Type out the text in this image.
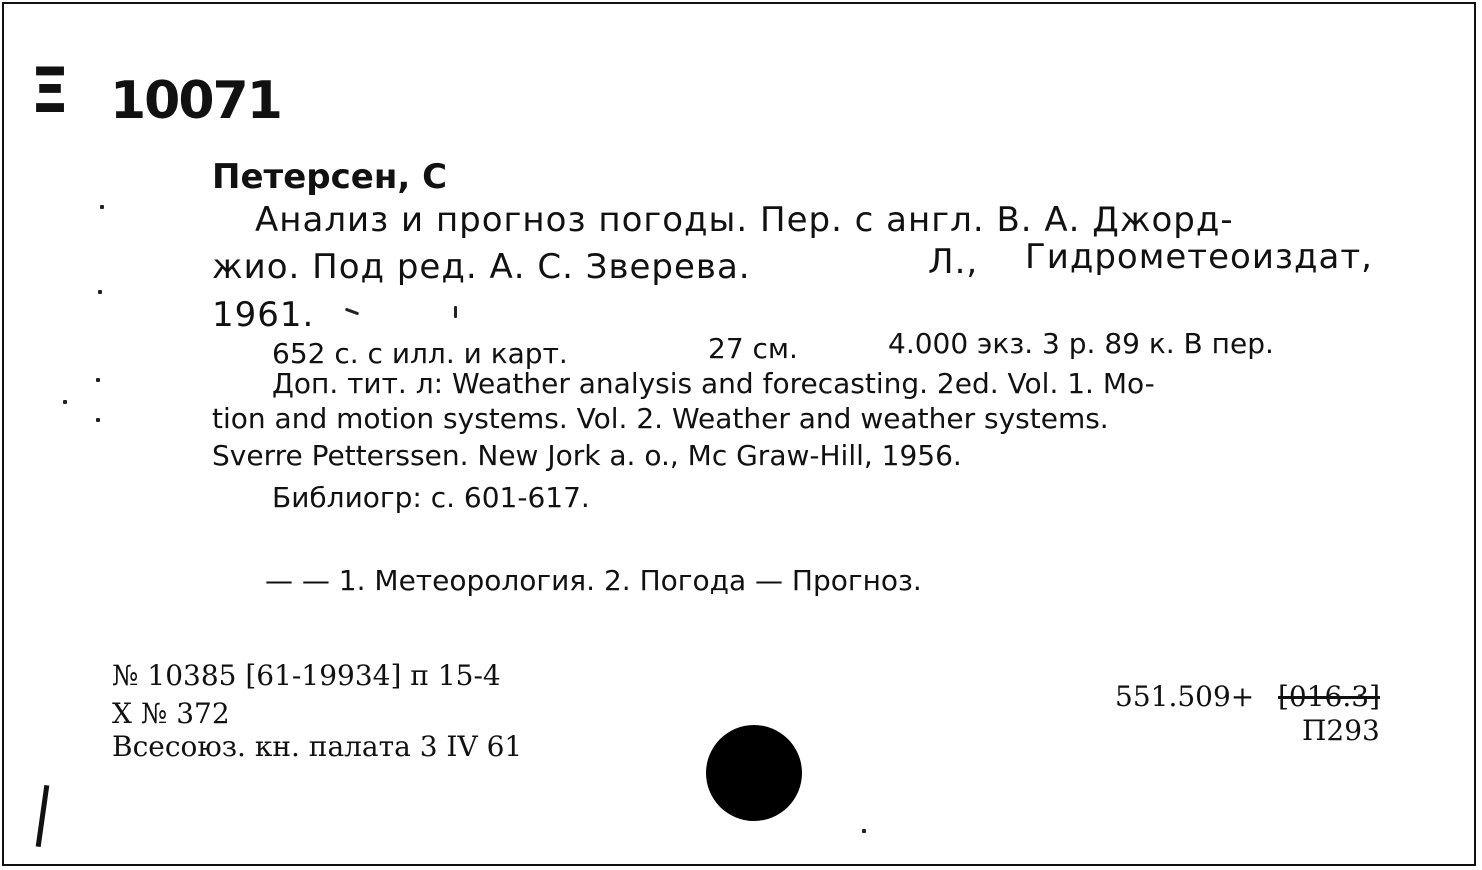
Ξ 10071
Петерсен, С
Анализ и прогноз погоды. Пер. с англ. В. А. Джорд-
жио. Под ред. А. С. Зверева.	Л., Гидрометеоиздат,
1961.
652 с. с илл. и карт.	27 см.	4.000 экз. 3 р. 89 к. В пер.
Доп. тит. л: Weather analysis and forecasting. 2ed. Vol. 1. Mo-
tion and motion systems. Vol. 2. Weather and weather systems.
Sverre Petterssen. New Jork a. o., Mc Graw-Hill, 1956.
Библиогр: с. 601-617.
— — 1. Метеорология. 2. Погода — Прогноз.
№ 10385 [61-19934] п 15-4
X № 372
Всесоюз. кн. палата 3 IV 61
551.509+ [016.3]
П293
